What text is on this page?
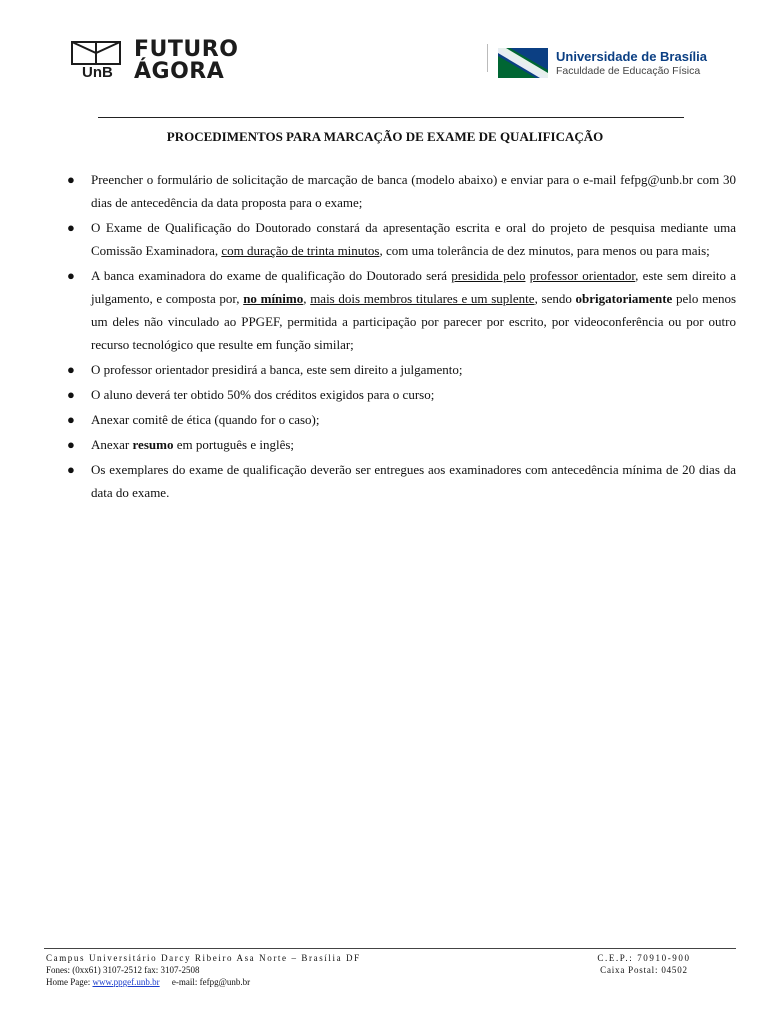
UnB
FUTURO
ÁGORA
Universidade de Brasília
Faculdade de Educação Física
PROCEDIMENTOS PARA MARCAÇÃO DE EXAME DE QUALIFICAÇÃO
● Preencher o formulário de solicitação de marcação de banca (modelo abaixo) e enviar para o e-mail fefpg@unb.br com 30 dias de antecedência da data proposta para o exame;
● O Exame de Qualificação do Doutorado constará da apresentação escrita e oral do projeto de pesquisa mediante uma Comissão Examinadora, com duração de trinta minutos, com uma tolerância de dez minutos, para menos ou para mais;
● A banca examinadora do exame de qualificação do Doutorado será presidida pelo professor orientador, este sem direito a julgamento, e composta por, no mínimo, mais dois membros titulares e um suplente, sendo obrigatoriamente pelo menos um deles não vinculado ao PPGEF, permitida a participação por parecer por escrito, por videoconferência ou por outro recurso tecnológico que resulte em função similar;
● O professor orientador presidirá a banca, este sem direito a julgamento;
● O aluno deverá ter obtido 50% dos créditos exigidos para o curso;
● Anexar comitê de ética (quando for o caso);
● Anexar resumo em português e inglês;
● Os exemplares do exame de qualificação deverão ser entregues aos examinadores com antecedência mínima de 20 dias da data do exame.
Campus Universitário Darcy Ribeiro Asa Norte – Brasília DF
Fones: (0xx61) 3107-2512 fax: 3107-2508
Home Page: www.ppgef.unb.br e-mail: fefpg@unb.br
C.E.P.: 70910-900
Caixa Postal: 04502
